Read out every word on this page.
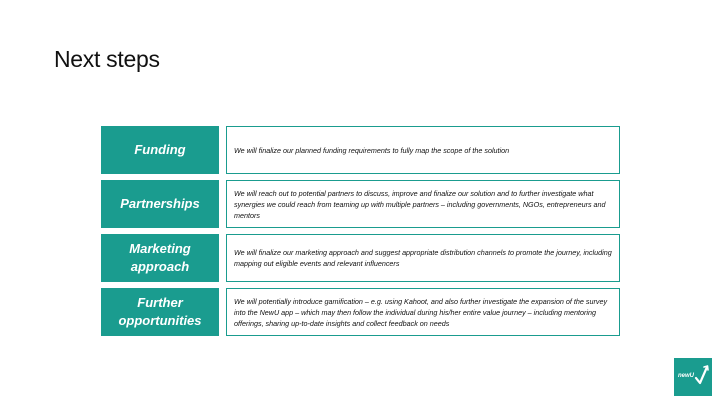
Next steps
Funding	We will finalize our planned funding requirements to fully map the scope of the solution
Partnerships
We will reach out to potential partners to discuss, improve and finalize our solution and to further investigate what synergies we could reach from teaming up with multiple partners – including governments, NGOs, entrepreneurs and mentors
Marketing approach
We will finalize our marketing approach and suggest appropriate distribution channels to promote the journey, including mapping out eligible events and relevant influencers
Further opportunities
We will potentially introduce gamification – e.g. using Kahoot, and also further investigate the expansion of the survey into the NewU app – which may then follow the individual during his/her entire value journey – including mentoring offerings, sharing up-to-date insights and collect feedback on needs
newU
